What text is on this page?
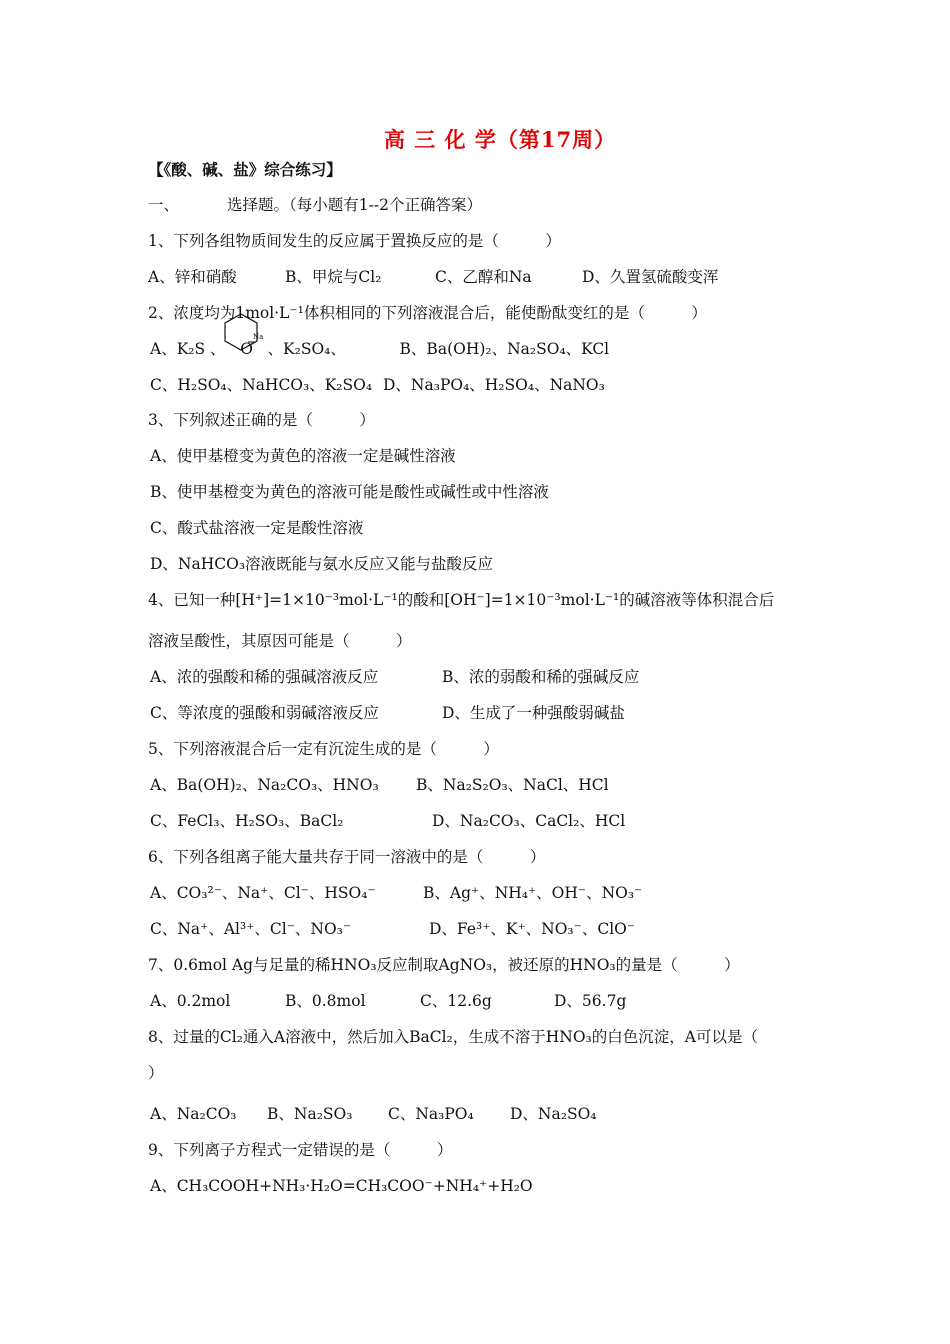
高 三 化 学（第17周）
【《酸、碱、盐》综合练习】
一、	选择题。（每小题有1--2个正确答案）
1、下列各组物质间发生的反应属于置换反应的是（　　　）
A、锌和硝酸	B、甲烷与Cl₂	C、乙醇和Na	D、久置氢硫酸变浑
2、浓度均为1mol·L⁻¹体积相同的下列溶液混合后，能使酚酞变红的是（　　　）
Na
A、K₂S 、 O 、K₂SO₄、	B、Ba(OH)₂、Na₂SO₄、KCl
C、H₂SO₄、NaHCO₃、K₂SO₄ D、Na₃PO₄、H₂SO₄、NaNO₃
3、下列叙述正确的是（　　　）
A、使甲基橙变为黄色的溶液一定是碱性溶液
B、使甲基橙变为黄色的溶液可能是酸性或碱性或中性溶液
C、酸式盐溶液一定是酸性溶液
D、NaHCO₃溶液既能与氨水反应又能与盐酸反应
4、已知一种[H⁺]=1×10⁻³mol·L⁻¹的酸和[OH⁻]=1×10⁻³mol·L⁻¹的碱溶液等体积混合后
溶液呈酸性，其原因可能是（　　　）
A、浓的强酸和稀的强碱溶液反应	B、浓的弱酸和稀的强碱反应
C、等浓度的强酸和弱碱溶液反应	D、生成了一种强酸弱碱盐
5、下列溶液混合后一定有沉淀生成的是（　　　）
A、Ba(OH)₂、Na₂CO₃、HNO₃ B、Na₂S₂O₃、NaCl、HCl
C、FeCl₃、H₂SO₃、BaCl₂	D、Na₂CO₃、CaCl₂、HCl
6、下列各组离子能大量共存于同一溶液中的是（　　　）
A、CO₃²⁻、Na⁺、Cl⁻、HSO₄⁻	B、Ag⁺、NH₄⁺、OH⁻、NO₃⁻
C、Na⁺、Al³⁺、Cl⁻、NO₃⁻	D、Fe³⁺、K⁺、NO₃⁻、ClO⁻
7、0.6mol Ag与足量的稀HNO₃反应制取AgNO₃，被还原的HNO₃的量是（　　　）
A、0.2mol	B、0.8mol	C、12.6g	D、56.7g
8、过量的Cl₂通入A溶液中，然后加入BaCl₂，生成不溶于HNO₃的白色沉淀，A可以是（
）
A、Na₂CO₃ B、Na₂SO₃ C、Na₃PO₄ D、Na₂SO₄
9、下列离子方程式一定错误的是（　　　）
A、CH₃COOH+NH₃·H₂O=CH₃COO⁻+NH₄⁺+H₂O
